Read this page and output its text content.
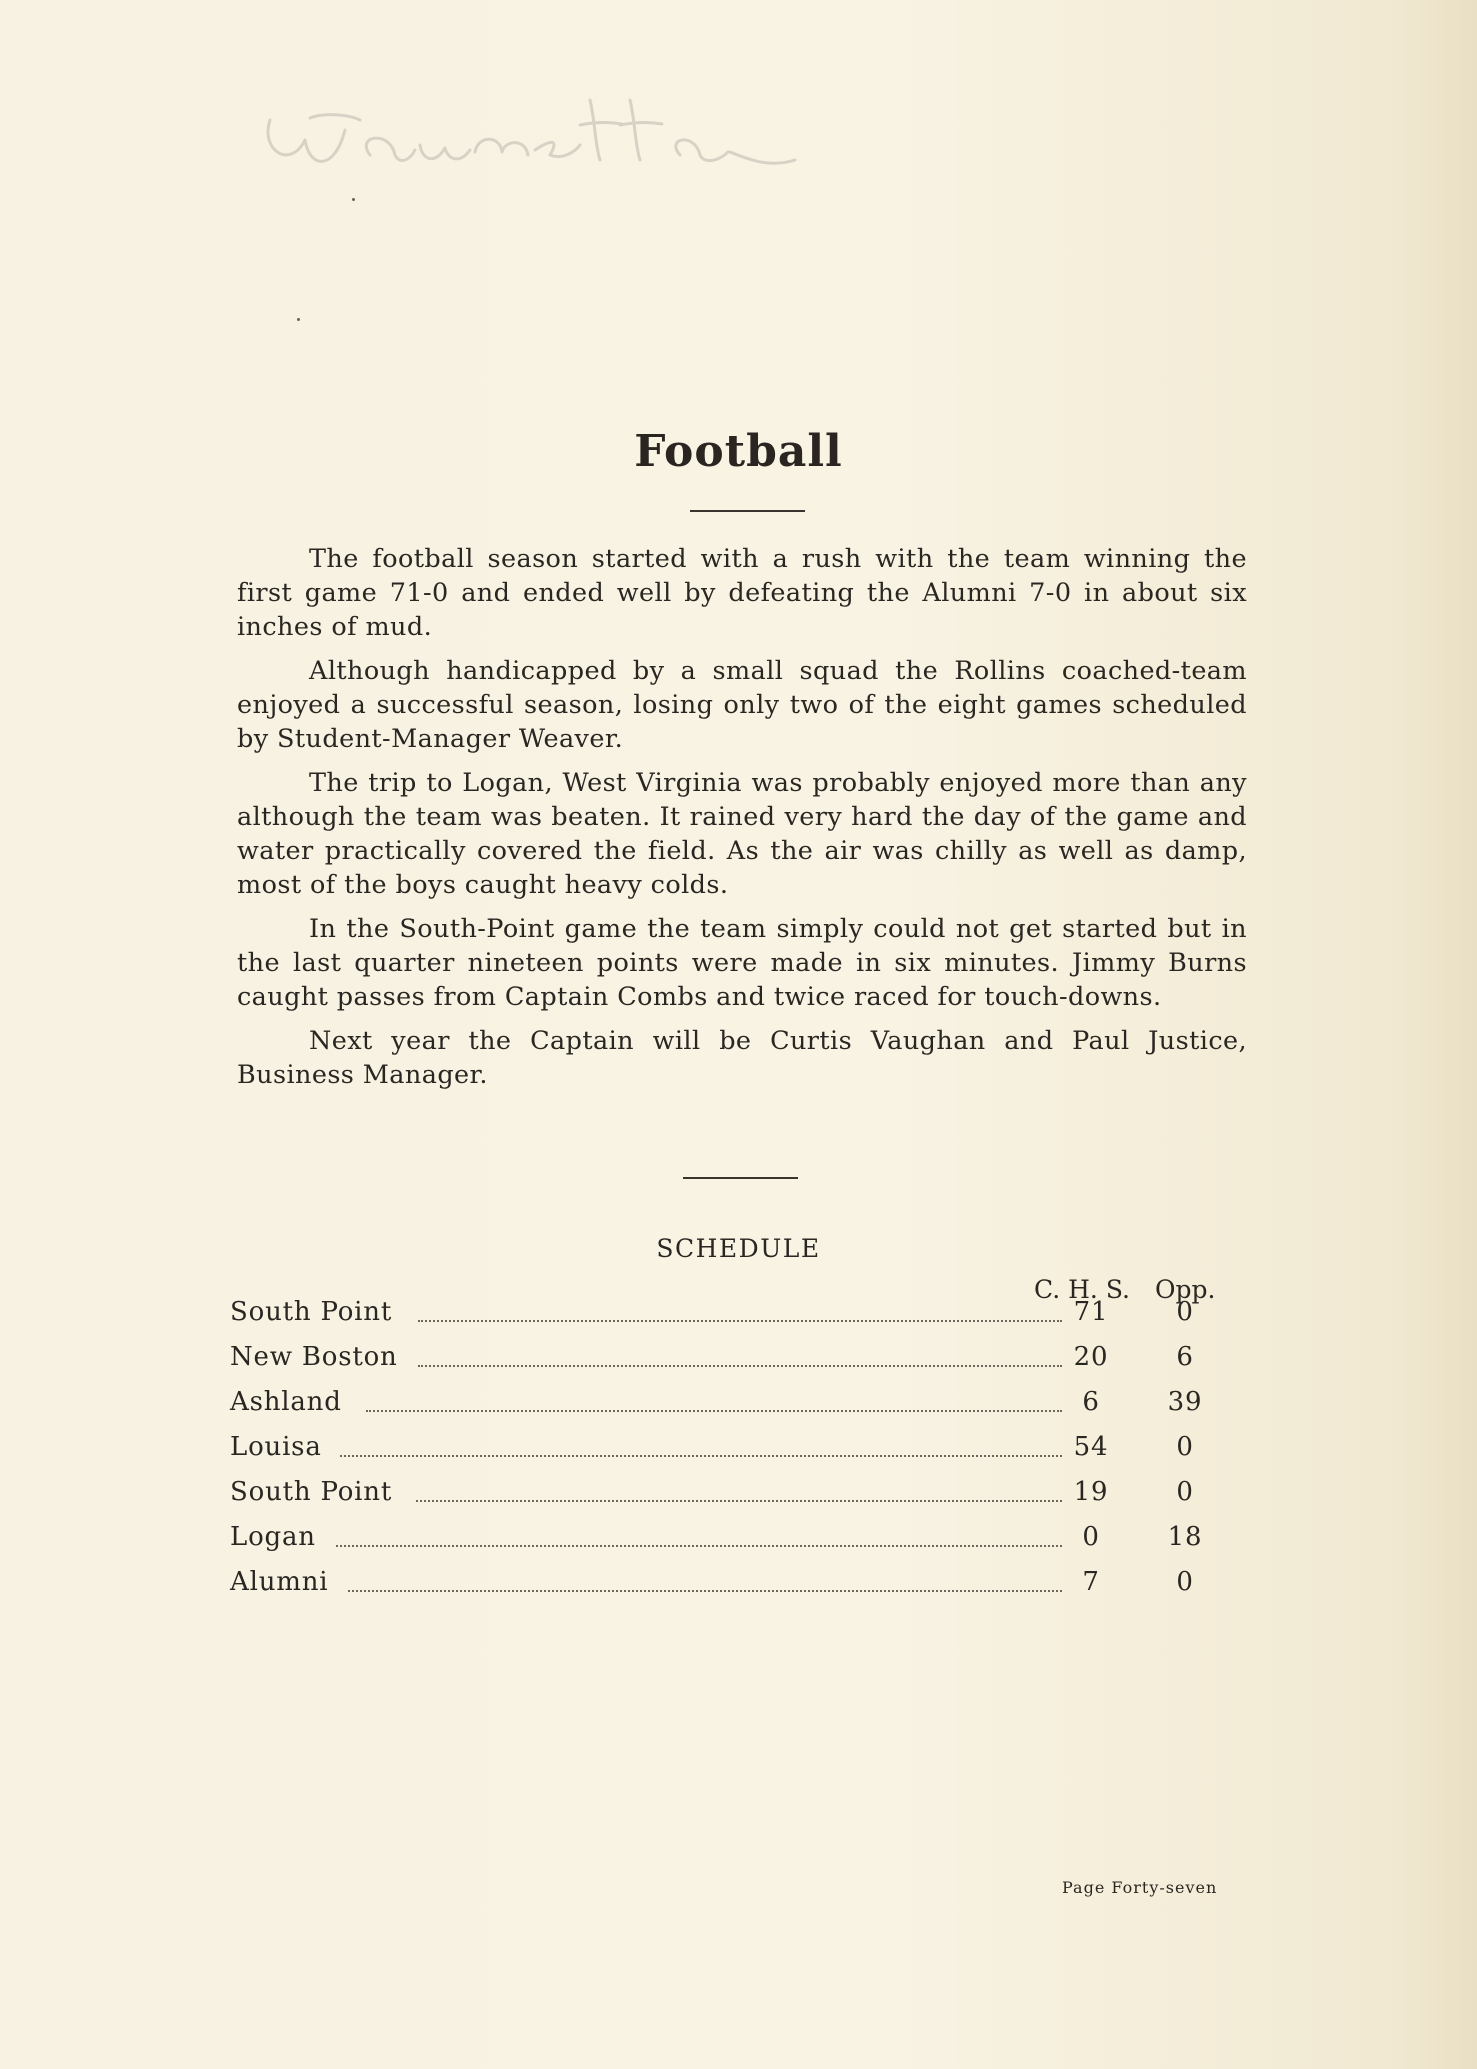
Football

The football season started with a rush with the team winning the first game 71-0 and ended well by defeating the Alumni 7-0 in about six inches of mud.

Although handicapped by a small squad the Rollins coached-team enjoyed a successful season, losing only two of the eight games scheduled by Student-Manager Weaver.

The trip to Logan, West Virginia was probably enjoyed more than any although the team was beaten. It rained very hard the day of the game and water practically covered the field. As the air was chilly as well as damp, most of the boys caught heavy colds.

In the South-Point game the team simply could not get started but in the last quarter nineteen points were made in six minutes. Jimmy Burns caught passes from Captain Combs and twice raced for touch-downs.

Next year the Captain will be Curtis Vaughan and Paul Justice, Business Manager.

SCHEDULE
C. H. S. Opp.
South Point	71	0
New Boston	20	6
Ashland	6	39
Louisa	54	0
South Point	19	0
Logan	0	18
Alumni	7	0
Page Forty-seven
